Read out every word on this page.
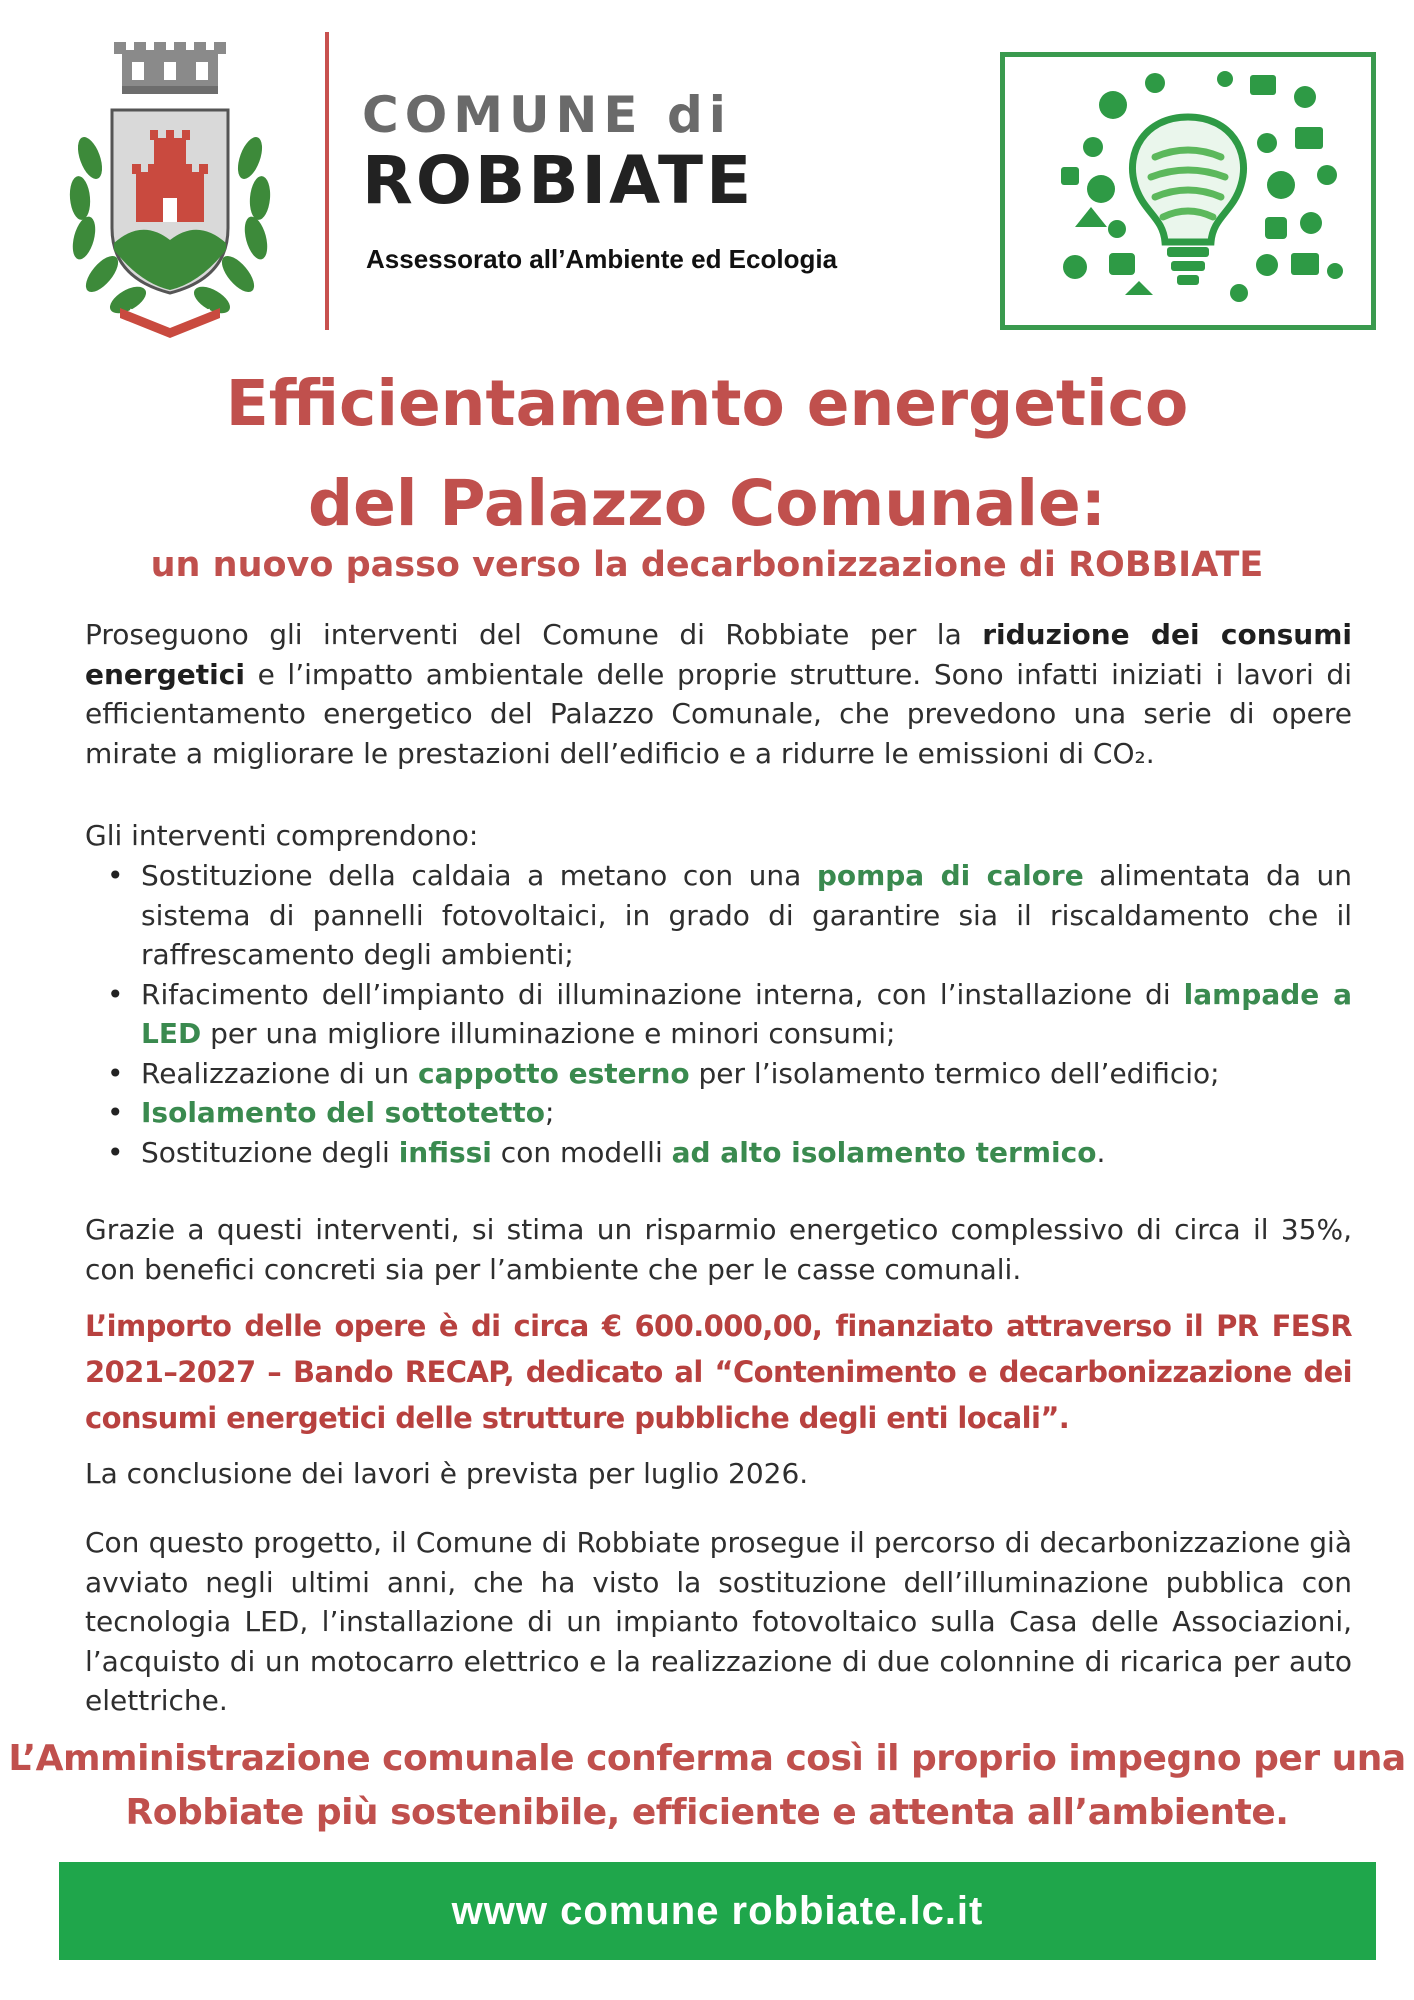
COMUNE di
ROBBIATE
Assessorato all’Ambiente ed Ecologia
Efficientamento energetico
del Palazzo Comunale:
un nuovo passo verso la decarbonizzazione di ROBBIATE
Proseguono gli interventi del Comune di Robbiate per la riduzione dei consumi energetici e l’impatto ambientale delle proprie strutture. Sono infatti iniziati i lavori di efficientamento energetico del Palazzo Comunale, che prevedono una serie di opere mirate a migliorare le prestazioni dell’edificio e a ridurre le emissioni di CO₂.
Gli interventi comprendono:
• Sostituzione della caldaia a metano con una pompa di calore alimentata da un sistema di pannelli fotovoltaici, in grado di garantire sia il riscaldamento che il raffrescamento degli ambienti;
• Rifacimento dell’impianto di illuminazione interna, con l’installazione di lampade a LED per una migliore illuminazione e minori consumi;
• Realizzazione di un cappotto esterno per l’isolamento termico dell’edificio;
• Isolamento del sottotetto;
• Sostituzione degli infissi con modelli ad alto isolamento termico.
Grazie a questi interventi, si stima un risparmio energetico complessivo di circa il 35%, con benefici concreti sia per l’ambiente che per le casse comunali.
L’importo delle opere è di circa € 600.000,00, finanziato attraverso il PR FESR 2021–2027 – Bando RECAP, dedicato al “Contenimento e decarbonizzazione dei consumi energetici delle strutture pubbliche degli enti locali”.
La conclusione dei lavori è prevista per luglio 2026.
Con questo progetto, il Comune di Robbiate prosegue il percorso di decarbonizzazione già avviato negli ultimi anni, che ha visto la sostituzione dell’illuminazione pubblica con tecnologia LED, l’installazione di un impianto fotovoltaico sulla Casa delle Associazioni, l’acquisto di un motocarro elettrico e la realizzazione di due colonnine di ricarica per auto elettriche.
L’Amministrazione comunale conferma così il proprio impegno per una
Robbiate più sostenibile, efficiente e attenta all’ambiente.
www comune robbiate.lc.it
